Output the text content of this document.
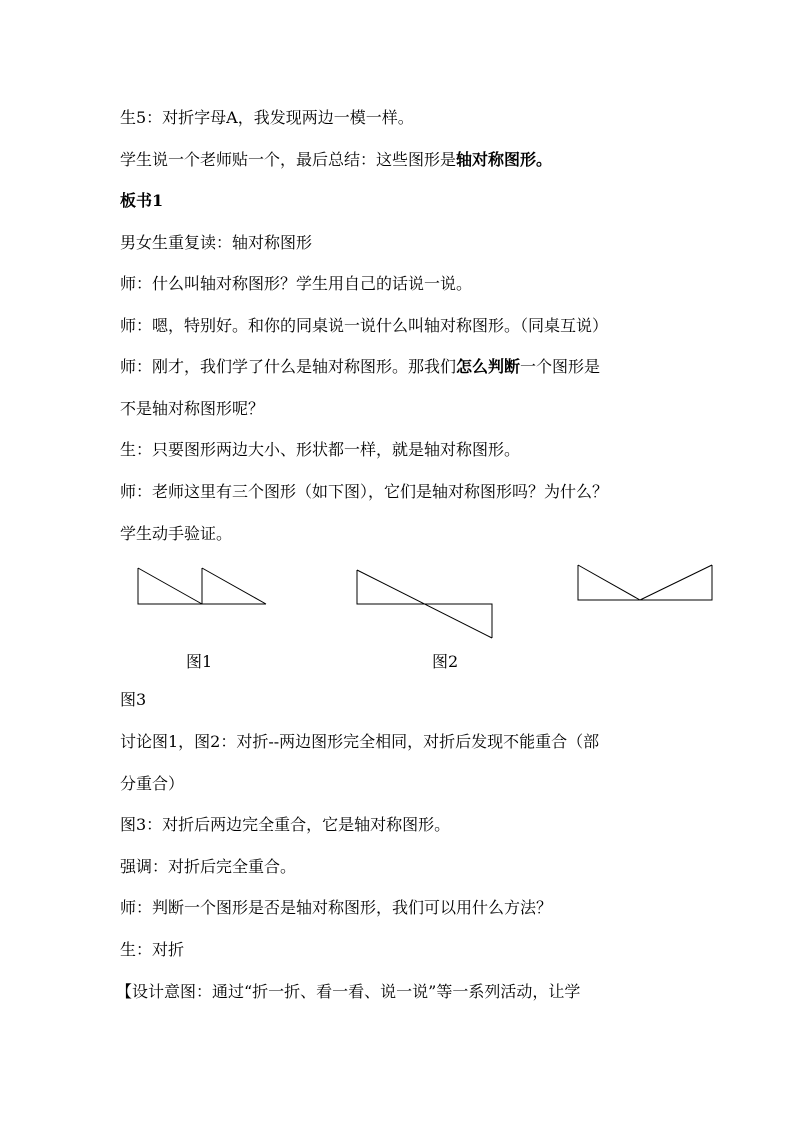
生5：对折字母A，我发现两边一模一样。
学生说一个老师贴一个，最后总结：这些图形是轴对称图形。
板书1
男女生重复读：轴对称图形
师：什么叫轴对称图形？学生用自己的话说一说。
师：嗯，特别好。和你的同桌说一说什么叫轴对称图形。（同桌互说）
师：刚才，我们学了什么是轴对称图形。那我们怎么判断一个图形是
不是轴对称图形呢？
生：只要图形两边大小、形状都一样，就是轴对称图形。
师：老师这里有三个图形（如下图），它们是轴对称图形吗？为什么？
学生动手验证。
图1	图2
图3
讨论图1，图2：对折--两边图形完全相同，对折后发现不能重合（部
分重合）
图3：对折后两边完全重合，它是轴对称图形。
强调：对折后完全重合。
师：判断一个图形是否是轴对称图形，我们可以用什么方法？
生：对折
【设计意图：通过“折一折、看一看、说一说”等一系列活动，让学
